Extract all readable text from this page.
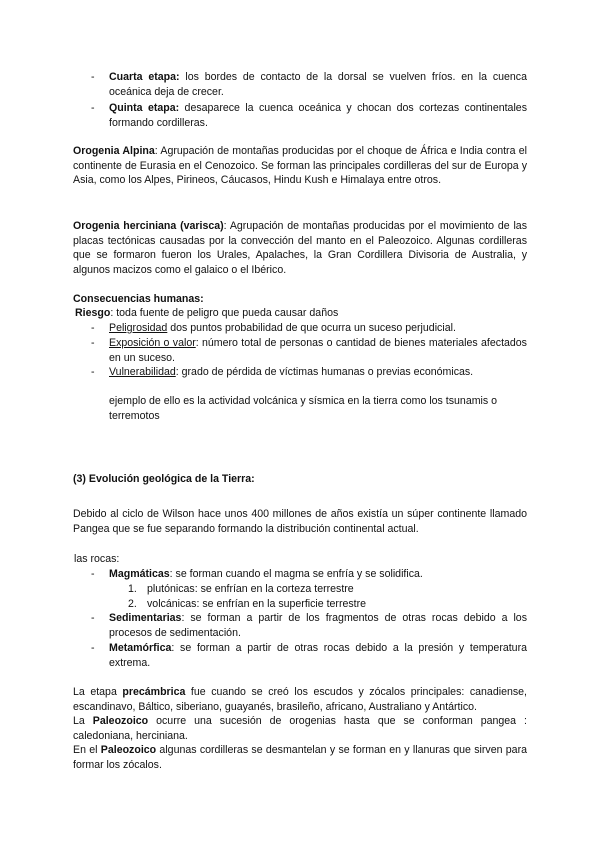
-	Cuarta etapa: los bordes de contacto de la dorsal se vuelven fríos. en la cuenca oceánica deja de crecer.
-	Quinta etapa: desaparece la cuenca oceánica y chocan dos cortezas continentales formando cordilleras.

Orogenia Alpina: Agrupación de montañas producidas por el choque de África e India contra el continente de Eurasia en el Cenozoico. Se forman las principales cordilleras del sur de Europa y Asia, como los Alpes, Pirineos, Cáucasos, Hindu Kush e Himalaya entre otros.

Orogenia herciniana (varisca): Agrupación de montañas producidas por el movimiento de las placas tectónicas causadas por la convección del manto en el Paleozoico. Algunas cordilleras que se formaron fueron los Urales, Apalaches, la Gran Cordillera Divisoria de Australia, y algunos macizos como el galaico o el Ibérico.

Consecuencias humanas:

Riesgo: toda fuente de peligro que pueda causar daños

-	Peligrosidad dos puntos probabilidad de que ocurra un suceso perjudicial.
-	Exposición o valor: número total de personas o cantidad de bienes materiales afectados en un suceso.
-	Vulnerabilidad: grado de pérdida de víctimas humanas o previas económicas.

ejemplo de ello es la actividad volcánica y sísmica en la tierra como los tsunamis o terremotos

(3) Evolución geológica de la Tierra:

Debido al ciclo de Wilson hace unos 400 millones de años existía un súper continente llamado Pangea que se fue separando formando la distribución continental actual.

las rocas:

-	Magmáticas: se forman cuando el magma se enfría y se solidifica.
1. plutónicas: se enfrían en la corteza terrestre
2. volcánicas: se enfrían en la superficie terrestre
-	Sedimentarias: se forman a partir de los fragmentos de otras rocas debido a los procesos de sedimentación.
-	Metamórfica: se forman a partir de otras rocas debido a la presión y temperatura extrema.

La etapa precámbrica fue cuando se creó los escudos y zócalos principales: canadiense, escandinavo, Báltico, siberiano, guayanés, brasileño, africano, Australiano y Antártico.

La Paleozoico ocurre una sucesión de orogenias hasta que se conforman pangea : caledoniana, herciniana.

En el Paleozoico algunas cordilleras se desmantelan y se forman en y llanuras que sirven para formar los zócalos.
